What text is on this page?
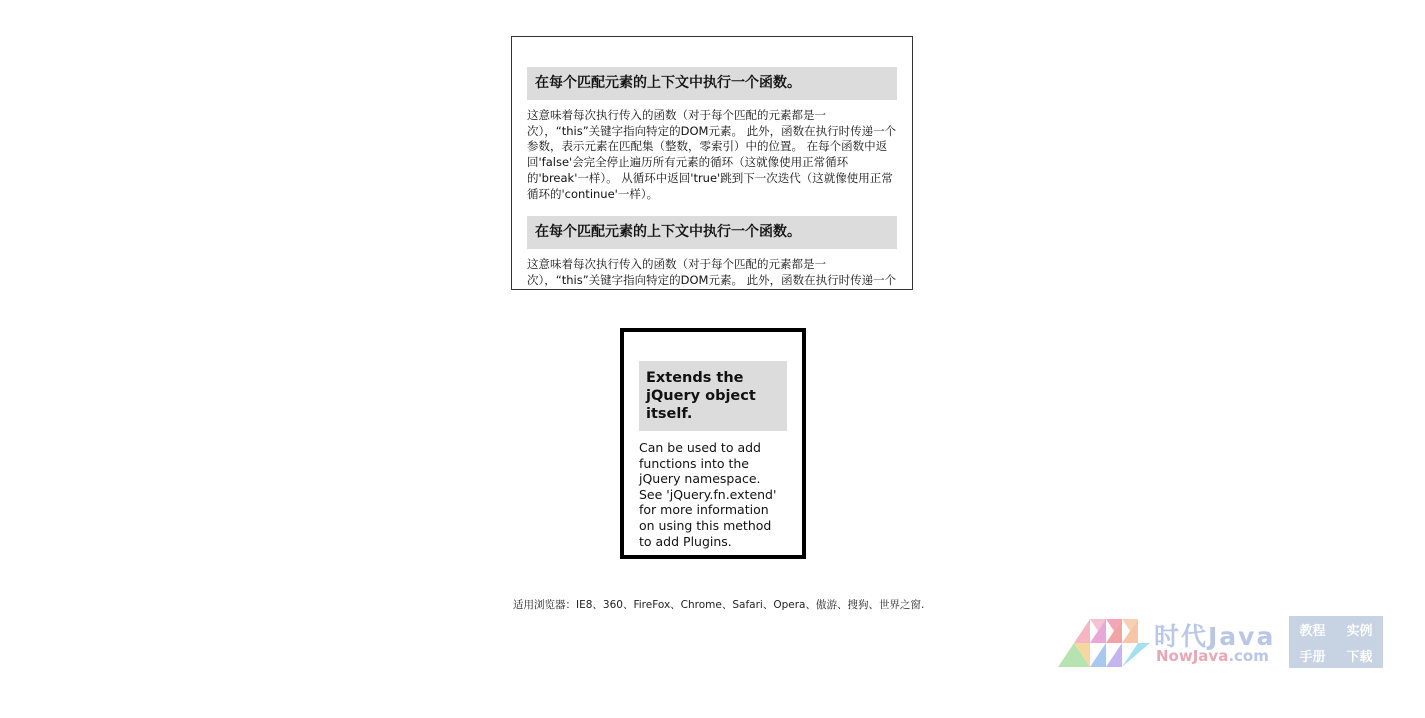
在每个匹配元素的上下文中执行一个函数。

这意味着每次执行传入的函数（对于每个匹配的元素都是一次），“this”关键字指向特定的DOM元素。 此外，函数在执行时传递一个参数，表示元素在匹配集（整数，零索引）中的位置。 在每个函数中返回'false'会完全停止遍历所有元素的循环（这就像使用正常循环的'break'一样）。 从循环中返回'true'跳到下一次迭代（这就像使用正常循环的'continue'一样）。

在每个匹配元素的上下文中执行一个函数。

这意味着每次执行传入的函数（对于每个匹配的元素都是一次），“this”关键字指向特定的DOM元素。 此外，函数在执行时传递一个

Extends the jQuery object itself.

Can be used to add functions into the jQuery namespace. See 'jQuery.fn.extend' for more information on using this method to add Plugins.

适用浏览器：IE8、360、FireFox、Chrome、Safari、Opera、傲游、搜狗、世界之窗.
时代Java
NowJava.com
教程 实例
手册 下载
